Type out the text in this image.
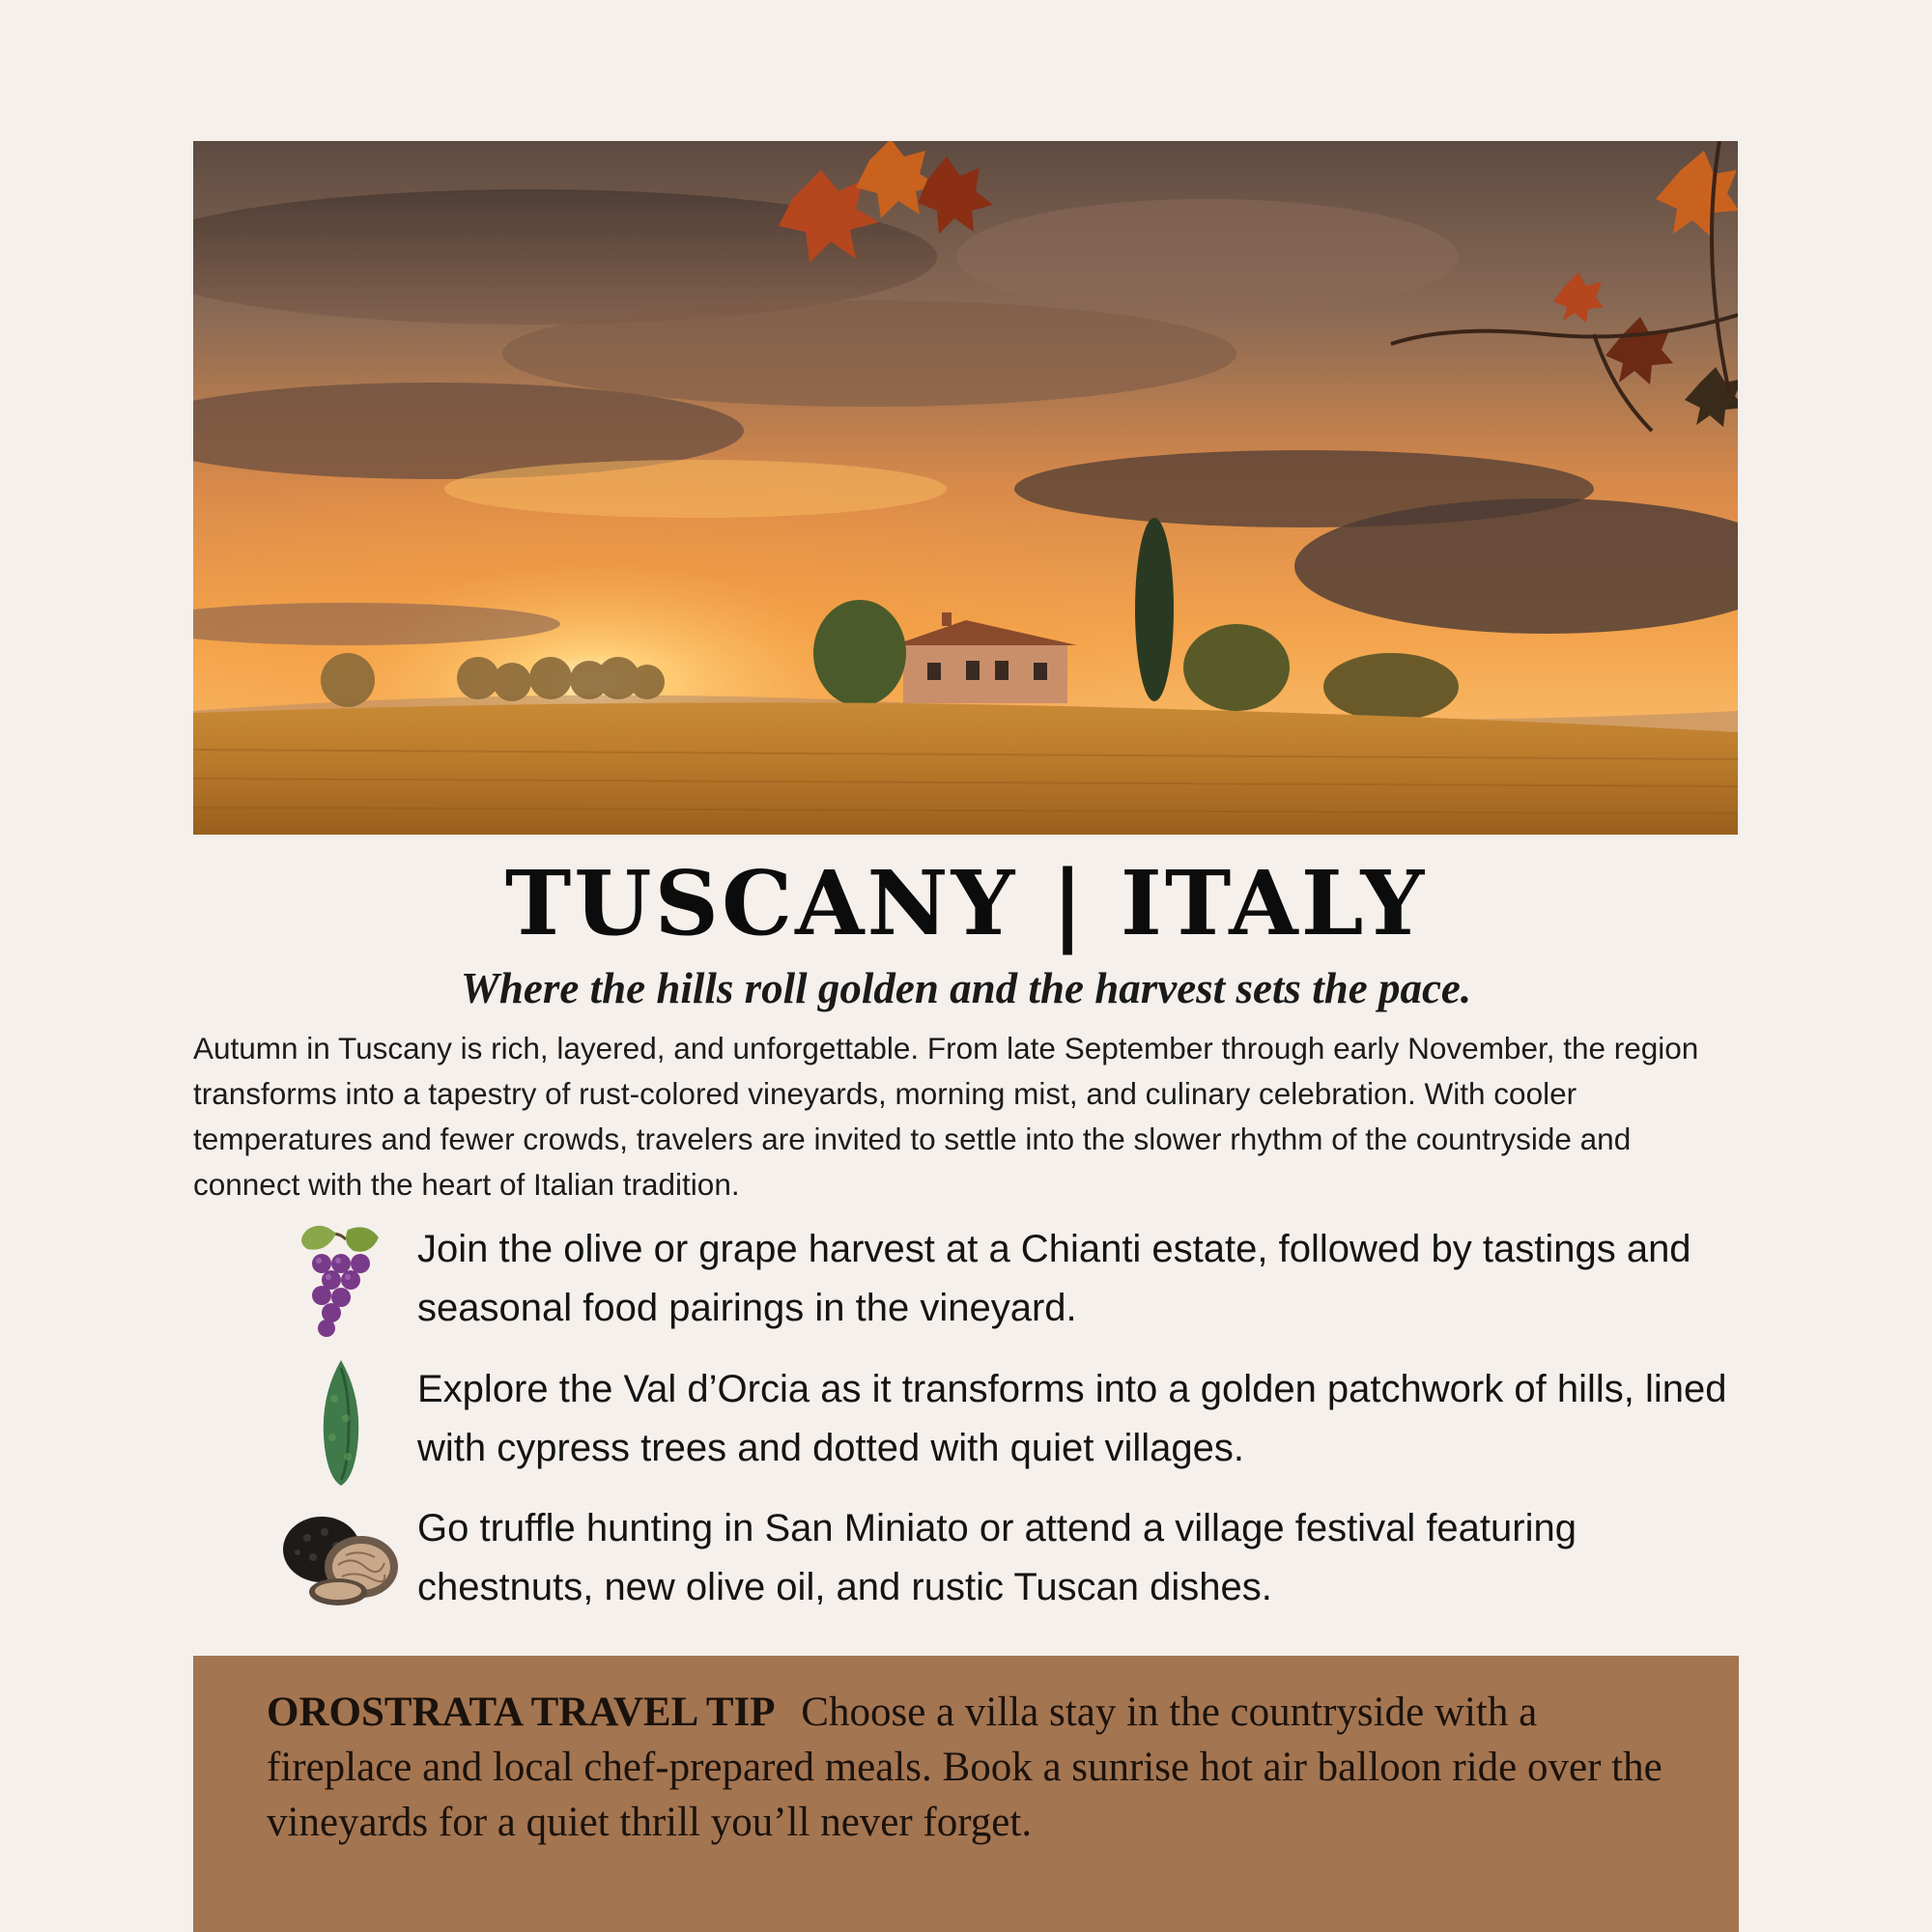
TUSCANY | ITALY
Where the hills roll golden and the harvest sets the pace.
Autumn in Tuscany is rich, layered, and unforgettable. From late September through early November, the region transforms into a tapestry of rust-colored vineyards, morning mist, and culinary celebration. With cooler temperatures and fewer crowds, travelers are invited to settle into the slower rhythm of the countryside and connect with the heart of Italian tradition.
Join the olive or grape harvest at a Chianti estate, followed by tastings and seasonal food pairings in the vineyard.
Explore the Val d’Orcia as it transforms into a golden patchwork of hills, lined with cypress trees and dotted with quiet villages.
Go truffle hunting in San Miniato or attend a village festival featuring chestnuts, new olive oil, and rustic Tuscan dishes.
OROSTRATA TRAVEL TIP Choose a villa stay in the countryside with a fireplace and local chef-prepared meals. Book a sunrise hot air balloon ride over the vineyards for a quiet thrill you’ll never forget.
